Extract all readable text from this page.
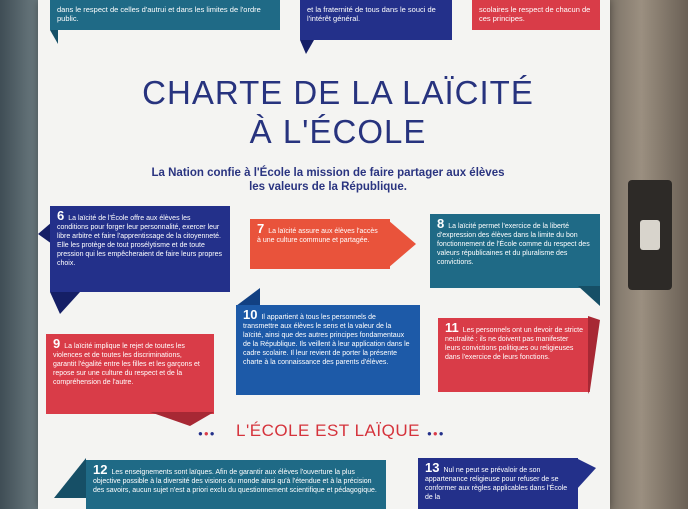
dans le respect de celles d'autrui et dans les limites de l'ordre public.
et la fraternité de tous dans le souci de l'intérêt général.
scolaires le respect de chacun de ces principes.
CHARTE DE LA LAÏCITÉ
À L'ÉCOLE
La Nation confie à l'École la mission de faire partager aux élèves les valeurs de la République.
6 La laïcité de l'École offre aux élèves les conditions pour forger leur personnalité, exercer leur libre arbitre et faire l'apprentissage de la citoyenneté. Elle les protège de tout prosélytisme et de toute pression qui les empêcheraient de faire leurs propres choix.
7 La laïcité assure aux élèves l'accès à une culture commune et partagée.
8 La laïcité permet l'exercice de la liberté d'expression des élèves dans la limite du bon fonctionnement de l'École comme du respect des valeurs républicaines et du pluralisme des convictions.
9 La laïcité implique le rejet de toutes les violences et de toutes les discriminations, garantit l'égalité entre les filles et les garçons et repose sur une culture du respect et de la compréhension de l'autre.
10 Il appartient à tous les personnels de transmettre aux élèves le sens et la valeur de la laïcité, ainsi que des autres principes fondamentaux de la République. Ils veillent à leur application dans le cadre scolaire. Il leur revient de porter la présente charte à la connaissance des parents d'élèves.
11 Les personnels ont un devoir de stricte neutralité : ils ne doivent pas manifester leurs convictions politiques ou religieuses dans l'exercice de leurs fonctions.
●●●	L'ÉCOLE EST LAÏQUE ●●●
12 Les enseignements sont laïques. Afin de garantir aux élèves l'ouverture la plus objective possible à la diversité des visions du monde ainsi qu'à l'étendue et à la précision des savoirs, aucun sujet n'est a priori exclu du questionnement scientifique et pédagogique.
13 Nul ne peut se prévaloir de son appartenance religieuse pour refuser de se conformer aux règles applicables dans l'École de la
